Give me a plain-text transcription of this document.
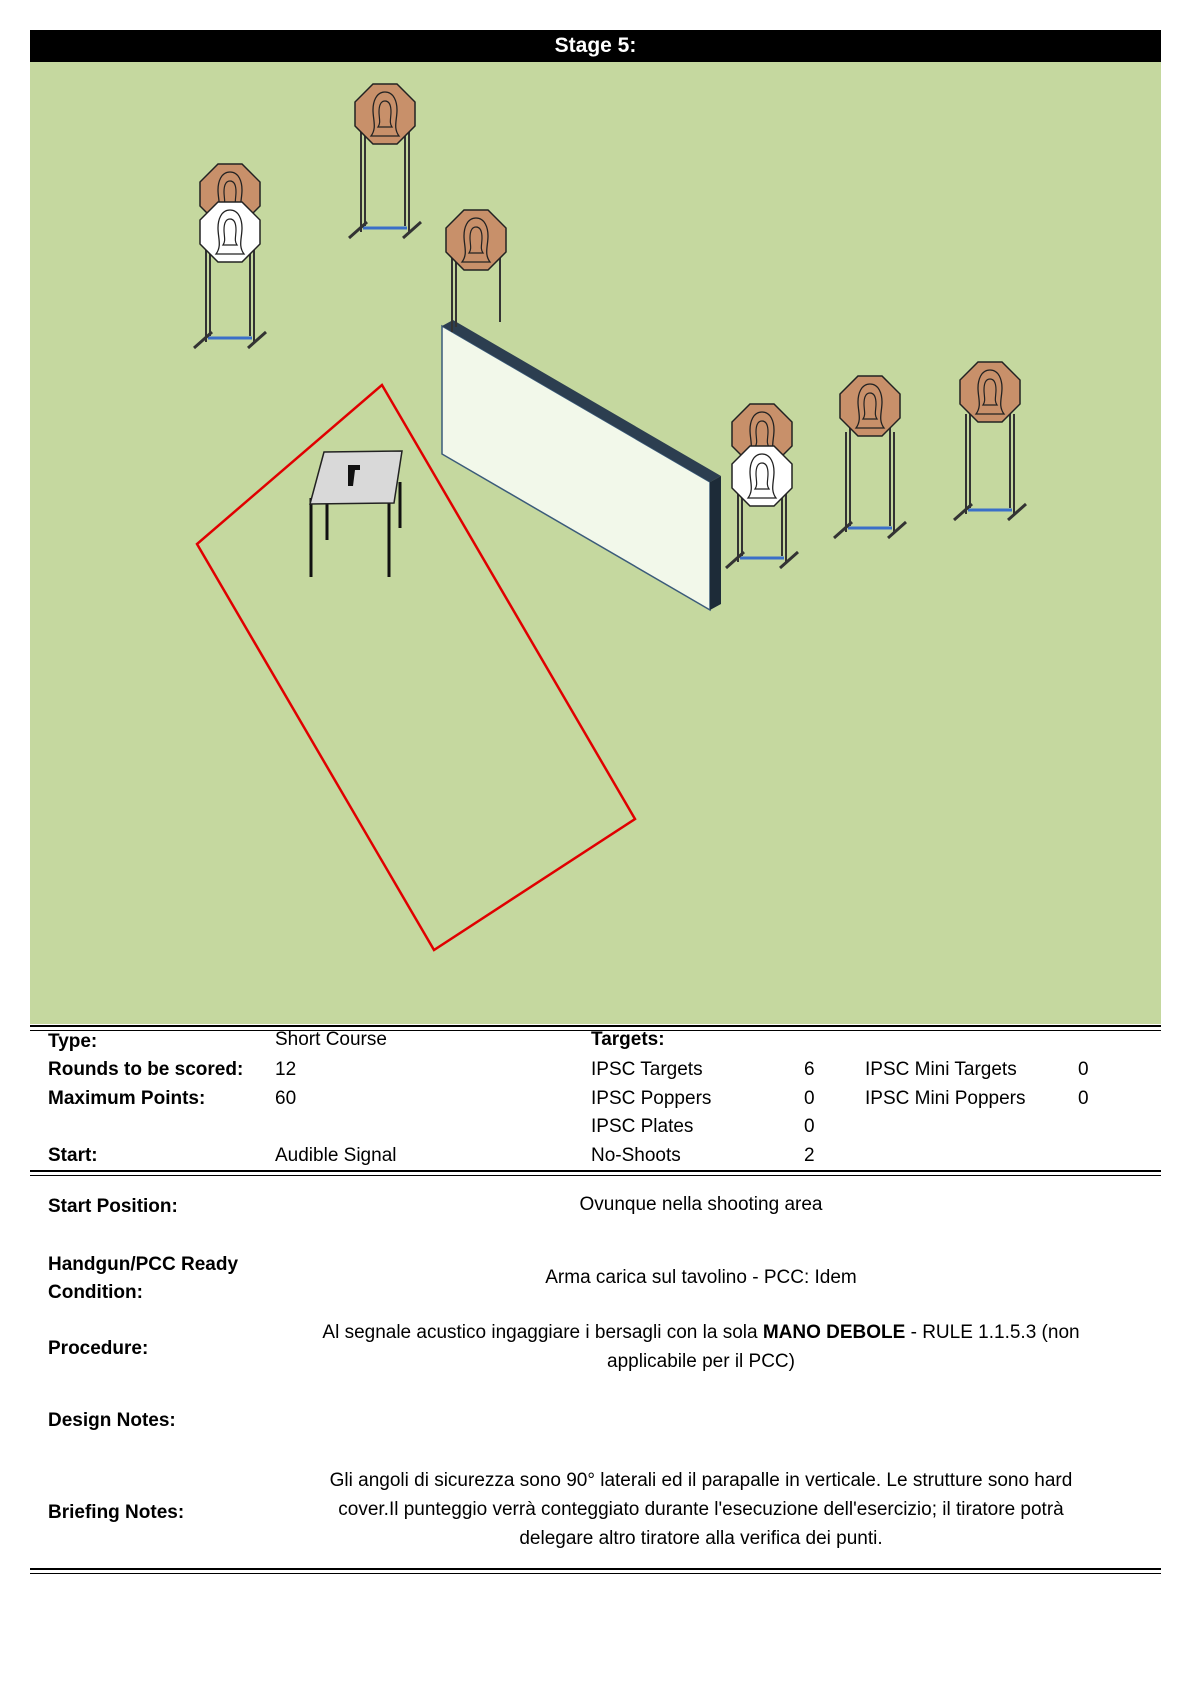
Stage 5:
Type:	Short Course
Rounds to be scored: 12
Maximum Points:	60
Start:	Audible Signal
Targets:
IPSC Targets	6
IPSC Poppers	0
IPSC Plates	0
No-Shoots	2
IPSC Mini Targets	0
IPSC Mini Poppers	0
Start Position:	Ovunque nella shooting area
Handgun/PCC Ready
Condition:
Arma carica sul tavolino - PCC: Idem
Procedure:
Al segnale acustico ingaggiare i bersagli con la sola MANO DEBOLE - RULE 1.1.5.3 (non
applicabile per il PCC)
Design Notes:
Briefing Notes:
Gli angoli di sicurezza sono 90° laterali ed il parapalle in verticale. Le strutture sono hard
cover.Il punteggio verrà conteggiato durante l'esecuzione dell'esercizio; il tiratore potrà
delegare altro tiratore alla verifica dei punti.
